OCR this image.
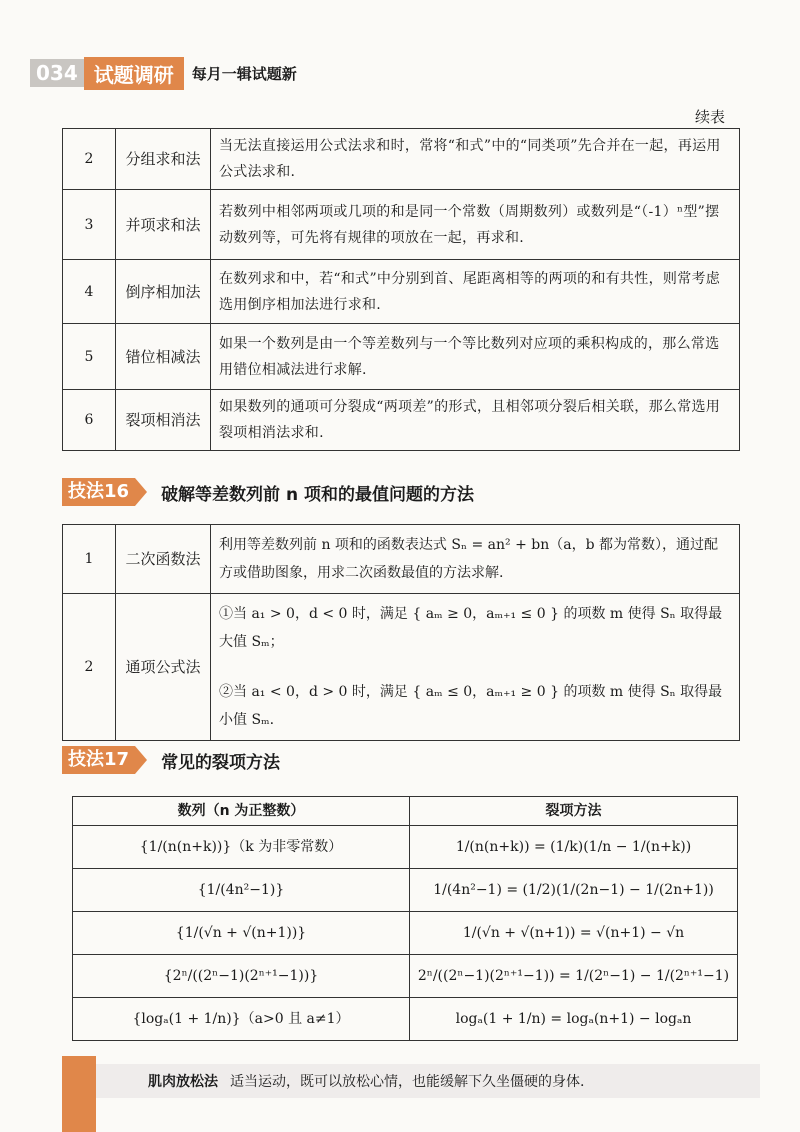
034 试题调研	每月一辑试题新
续表
2	分组求和法	当无法直接运用公式法求和时，常将“和式”中的“同类项”先合并在一起，再运用公式法求和.
3	并项求和法	若数列中相邻两项或几项的和是同一个常数（周期数列）或数列是“（-1）ⁿ型”摆动数列等，可先将有规律的项放在一起，再求和.
4	倒序相加法	在数列求和中，若“和式”中分别到首、尾距离相等的两项的和有共性，则常考虑选用倒序相加法进行求和.
5	错位相减法	如果一个数列是由一个等差数列与一个等比数列对应项的乘积构成的，那么常选用错位相减法进行求解.
6	裂项相消法	如果数列的通项可分裂成“两项差”的形式，且相邻项分裂后相关联，那么常选用裂项相消法求和.
技法16	破解等差数列前 n 项和的最值问题的方法
1	二次函数法	利用等差数列前 n 项和的函数表达式 Sₙ = an² + bn（a，b 都为常数），通过配方或借助图象，用求二次函数最值的方法求解.
2	通项公式法	①当 a₁ > 0，d < 0 时，满足 { aₘ ≥ 0，aₘ₊₁ ≤ 0 } 的项数 m 使得 Sₙ 取得最大值 Sₘ；
②当 a₁ < 0，d > 0 时，满足 { aₘ ≤ 0，aₘ₊₁ ≥ 0 } 的项数 m 使得 Sₙ 取得最小值 Sₘ.
技法17	常见的裂项方法
数列（n 为正整数）	裂项方法
{1/(n(n+k))}（k 为非零常数）	1/(n(n+k)) = (1/k)(1/n − 1/(n+k))
{1/(4n²−1)}	1/(4n²−1) = (1/2)(1/(2n−1) − 1/(2n+1))
{1/(√n + √(n+1))}	1/(√n + √(n+1)) = √(n+1) − √n
{2ⁿ/((2ⁿ−1)(2ⁿ⁺¹−1))}	2ⁿ/((2ⁿ−1)(2ⁿ⁺¹−1)) = 1/(2ⁿ−1) − 1/(2ⁿ⁺¹−1)
{logₐ(1 + 1/n)}（a>0 且 a≠1）	logₐ(1 + 1/n) = logₐ(n+1) − logₐn
肌肉放松法 适当运动，既可以放松心情，也能缓解下久坐僵硬的身体.
